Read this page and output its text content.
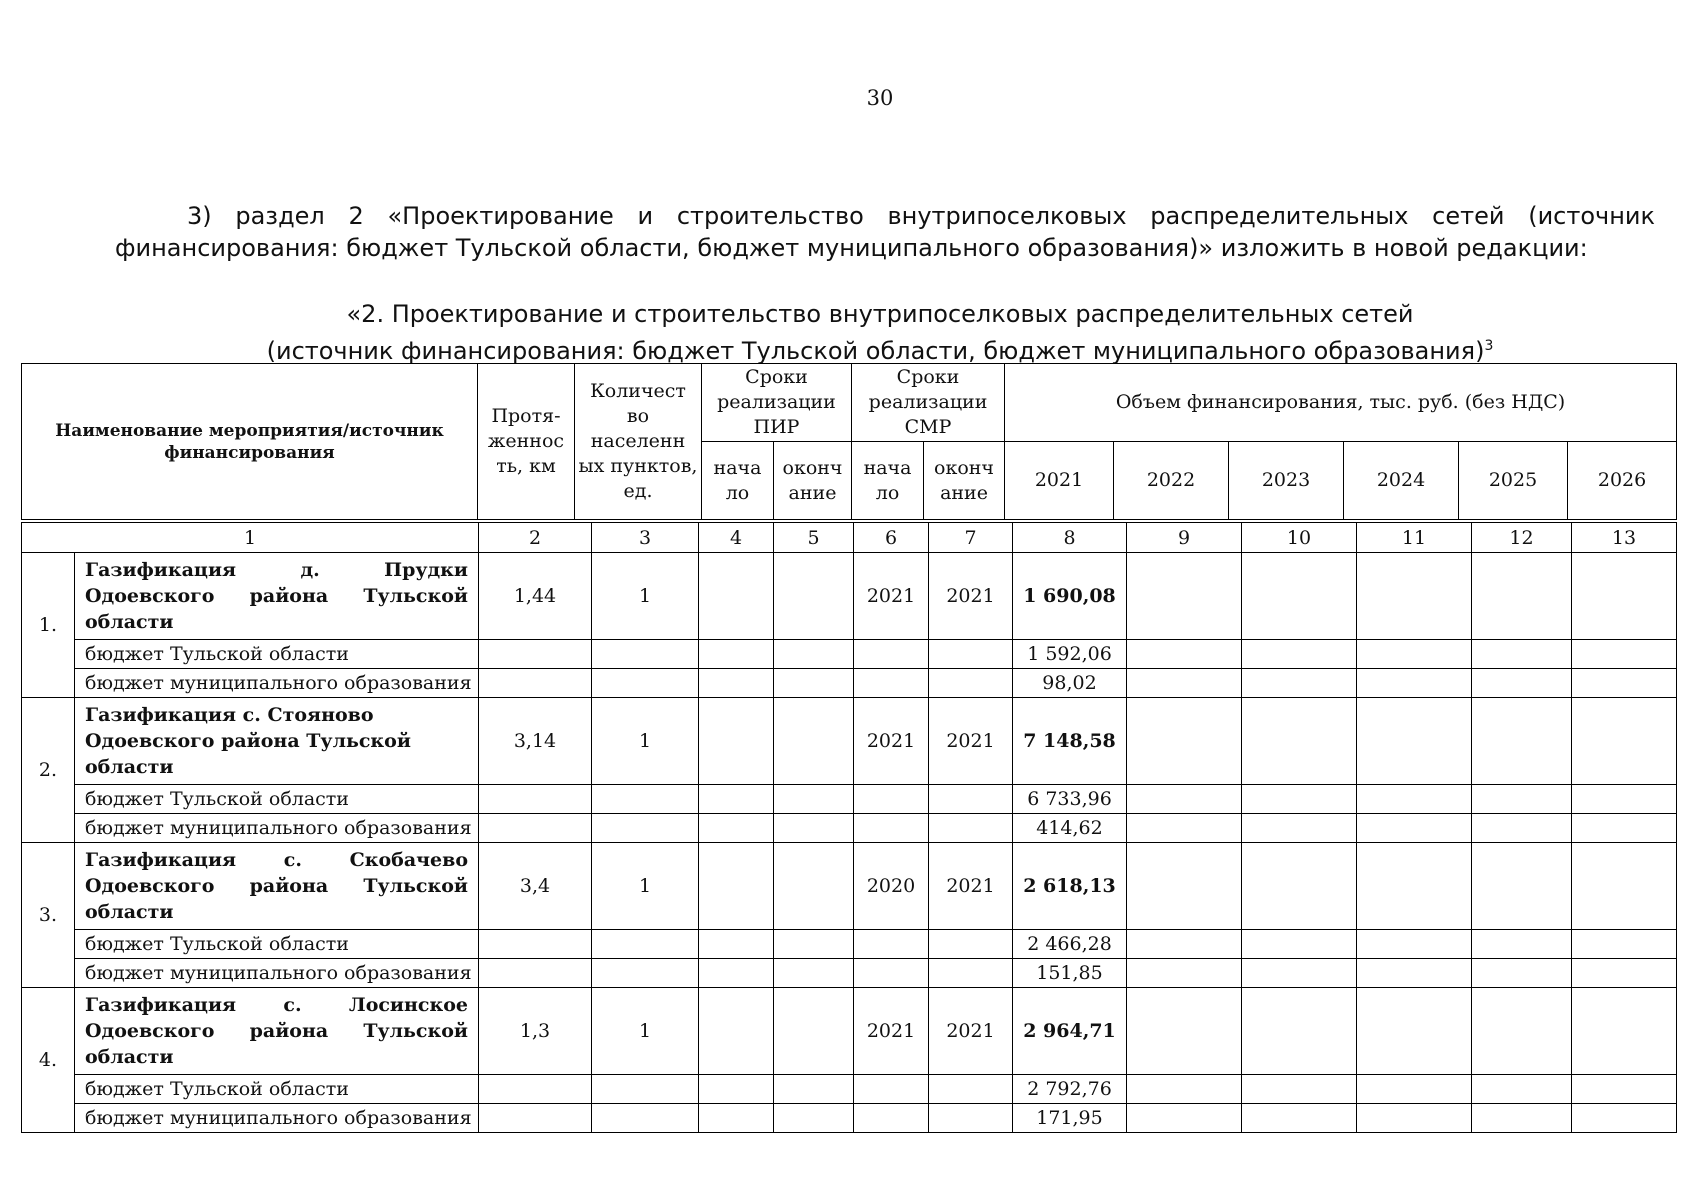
30
3) раздел 2 «Проектирование и строительство внутрипоселковых распределительных сетей (источник финансирования: бюджет Тульской области, бюджет муниципального образования)» изложить в новой редакции:
«2. Проектирование и строительство внутрипоселковых распределительных сетей
(источник финансирования: бюджет Тульской области, бюджет муниципального образования)$^3$
Наименование мероприятия/источник финансирования	Протя-женнос ть, км	Количест во населенн ых пунктов, ед.	Сроки реализации ПИР		Сроки реализации СМР		Объем финансирования, тыс. руб. (без НДС)					
			нача ло	оконч ание	нача ло	оконч ание	2021	2022	2023	2024	2025	2026
1		2	3	4	5	6	7	8	9	10	11	12	13
1.	Газификация д. Прудки Одоевского района Тульской области	1,44	1			2021	2021	1 690,08					
	бюджет Тульской области							1 592,06					
	бюджет муниципального образования							98,02					
2.	Газификация с. Стояново Одоевского района Тульской области	3,14	1			2021	2021	7 148,58					
	бюджет Тульской области							6 733,96					
	бюджет муниципального образования							414,62					
3.	Газификация с. Скобачево Одоевского района Тульской области	3,4	1			2020	2021	2 618,13					
	бюджет Тульской области							2 466,28					
	бюджет муниципального образования							151,85					
4.	Газификация с. Лосинское Одоевского района Тульской области	1,3	1			2021	2021	2 964,71					
	бюджет Тульской области							2 792,76					
	бюджет муниципального образования							171,95					
